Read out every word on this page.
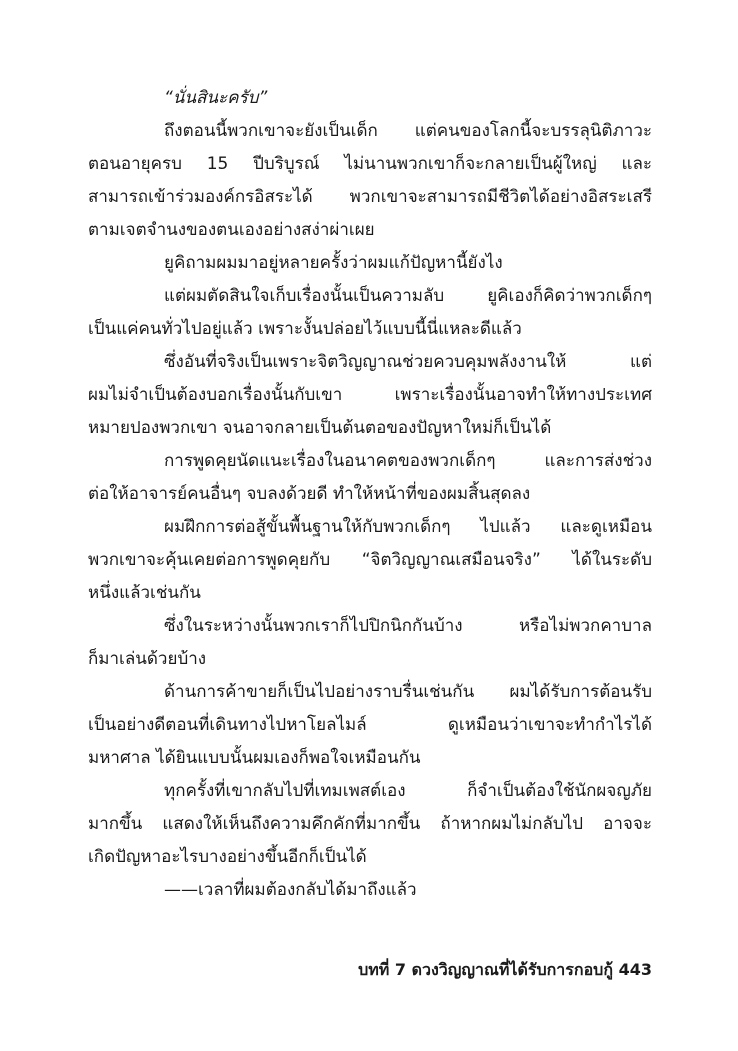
“นั่นสินะครับ”
ถึงตอนนี้พวกเขาจะยังเป็นเด็ก แต่คนของโลกนี้จะบรรลุนิติภาวะ
ตอนอายุครบ 15 ปีบริบูรณ์ ไม่นานพวกเขาก็จะกลายเป็นผู้ใหญ่ และ
สามารถเข้าร่วมองค์กรอิสระได้ พวกเขาจะสามารถมีชีวิตได้อย่างอิสระเสรี
ตามเจตจำนงของตนเองอย่างสง่าผ่าเผย
ยูคิถามผมมาอยู่หลายครั้งว่าผมแก้ปัญหานี้ยังไง
แต่ผมตัดสินใจเก็บเรื่องนั้นเป็นความลับ ยูคิเองก็คิดว่าพวกเด็กๆ
เป็นแค่คนทั่วไปอยู่แล้ว เพราะงั้นปล่อยไว้แบบนี้นี่แหละดีแล้ว
ซึ่งอันที่จริงเป็นเพราะจิตวิญญาณช่วยควบคุมพลังงานให้ แต่
ผมไม่จำเป็นต้องบอกเรื่องนั้นกับเขา เพราะเรื่องนั้นอาจทำให้ทางประเทศ
หมายปองพวกเขา จนอาจกลายเป็นต้นตอของปัญหาใหม่ก็เป็นได้
การพูดคุยนัดแนะเรื่องในอนาคตของพวกเด็กๆ และการส่งช่วง
ต่อให้อาจารย์คนอื่นๆ จบลงด้วยดี ทำให้หน้าที่ของผมสิ้นสุดลง
ผมฝึกการต่อสู้ขั้นพื้นฐานให้กับพวกเด็กๆ ไปแล้ว และดูเหมือน
พวกเขาจะคุ้นเคยต่อการพูดคุยกับ “จิตวิญญาณเสมือนจริง” ได้ในระดับ
หนึ่งแล้วเช่นกัน
ซึ่งในระหว่างนั้นพวกเราก็ไปปิกนิกกันบ้าง หรือไม่พวกคาบาล
ก็มาเล่นด้วยบ้าง
ด้านการค้าขายก็เป็นไปอย่างราบรื่นเช่นกัน ผมได้รับการต้อนรับ
เป็นอย่างดีตอนที่เดินทางไปหาโยลไมล์ ดูเหมือนว่าเขาจะทำกำไรได้
มหาศาล ได้ยินแบบนั้นผมเองก็พอใจเหมือนกัน
ทุกครั้งที่เขากลับไปที่เทมเพสต์เอง ก็จำเป็นต้องใช้นักผจญภัย
มากขึ้น แสดงให้เห็นถึงความคึกคักที่มากขึ้น ถ้าหากผมไม่กลับไป อาจจะ
เกิดปัญหาอะไรบางอย่างขึ้นอีกก็เป็นได้
——เวลาที่ผมต้องกลับได้มาถึงแล้ว
บทที่ 7 ดวงวิญญาณที่ได้รับการกอบกู้ 443
